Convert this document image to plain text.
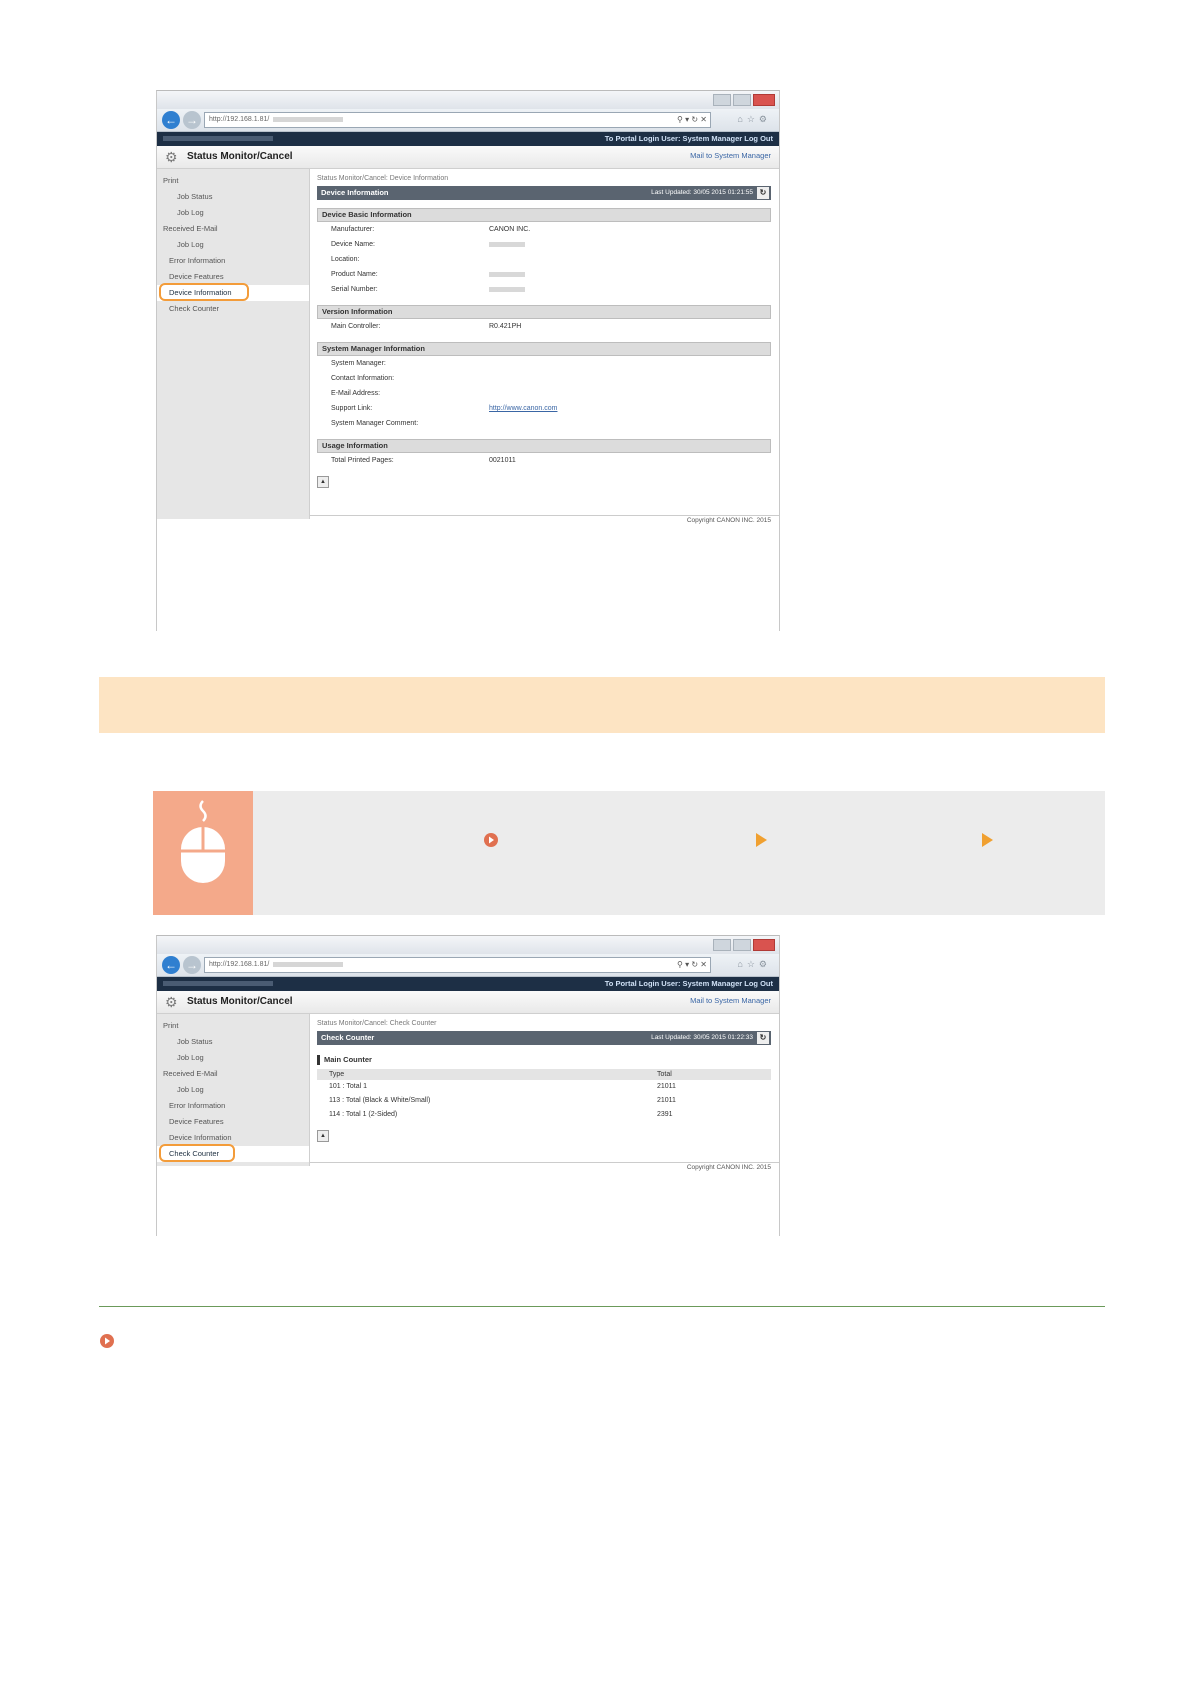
← →	http://192.168.1.81/	⚲ ▾ ↻ ✕	⌂☆⚙
To Portal Login User: System Manager Log Out
⚙ Status Monitor/Cancel	Mail to System Manager
Print
Job Status
Job Log
Received E-Mail
Job Log
Error Information
Device Features
Device Information
Check Counter
Status Monitor/Cancel: Device Information
Device Information	Last Updated: 30/05 2015 01:21:55 ↻
Device Basic Information
Manufacturer:	CANON INC.
Device Name:
Location:
Product Name:
Serial Number:
Version Information
Main Controller:	R0.421PH
System Manager Information
System Manager:
Contact Information:
E-Mail Address:
Support Link:	http://www.canon.com
System Manager Comment:
Usage Information
Total Printed Pages:	0021011
▲
Copyright CANON INC. 2015
← →	http://192.168.1.81/	⚲ ▾ ↻ ✕	⌂☆⚙
To Portal Login User: System Manager Log Out
⚙ Status Monitor/Cancel	Mail to System Manager
Print
Job Status
Job Log
Received E-Mail
Job Log
Error Information
Device Features
Device Information
Check Counter
Status Monitor/Cancel: Check Counter
Check Counter	Last Updated: 30/05 2015 01:22:33 ↻
Main Counter
Type	Total
101 : Total 1	21011
113 : Total (Black & White/Small)	21011
114 : Total 1 (2-Sided)	2391
▲
Copyright CANON INC. 2015
